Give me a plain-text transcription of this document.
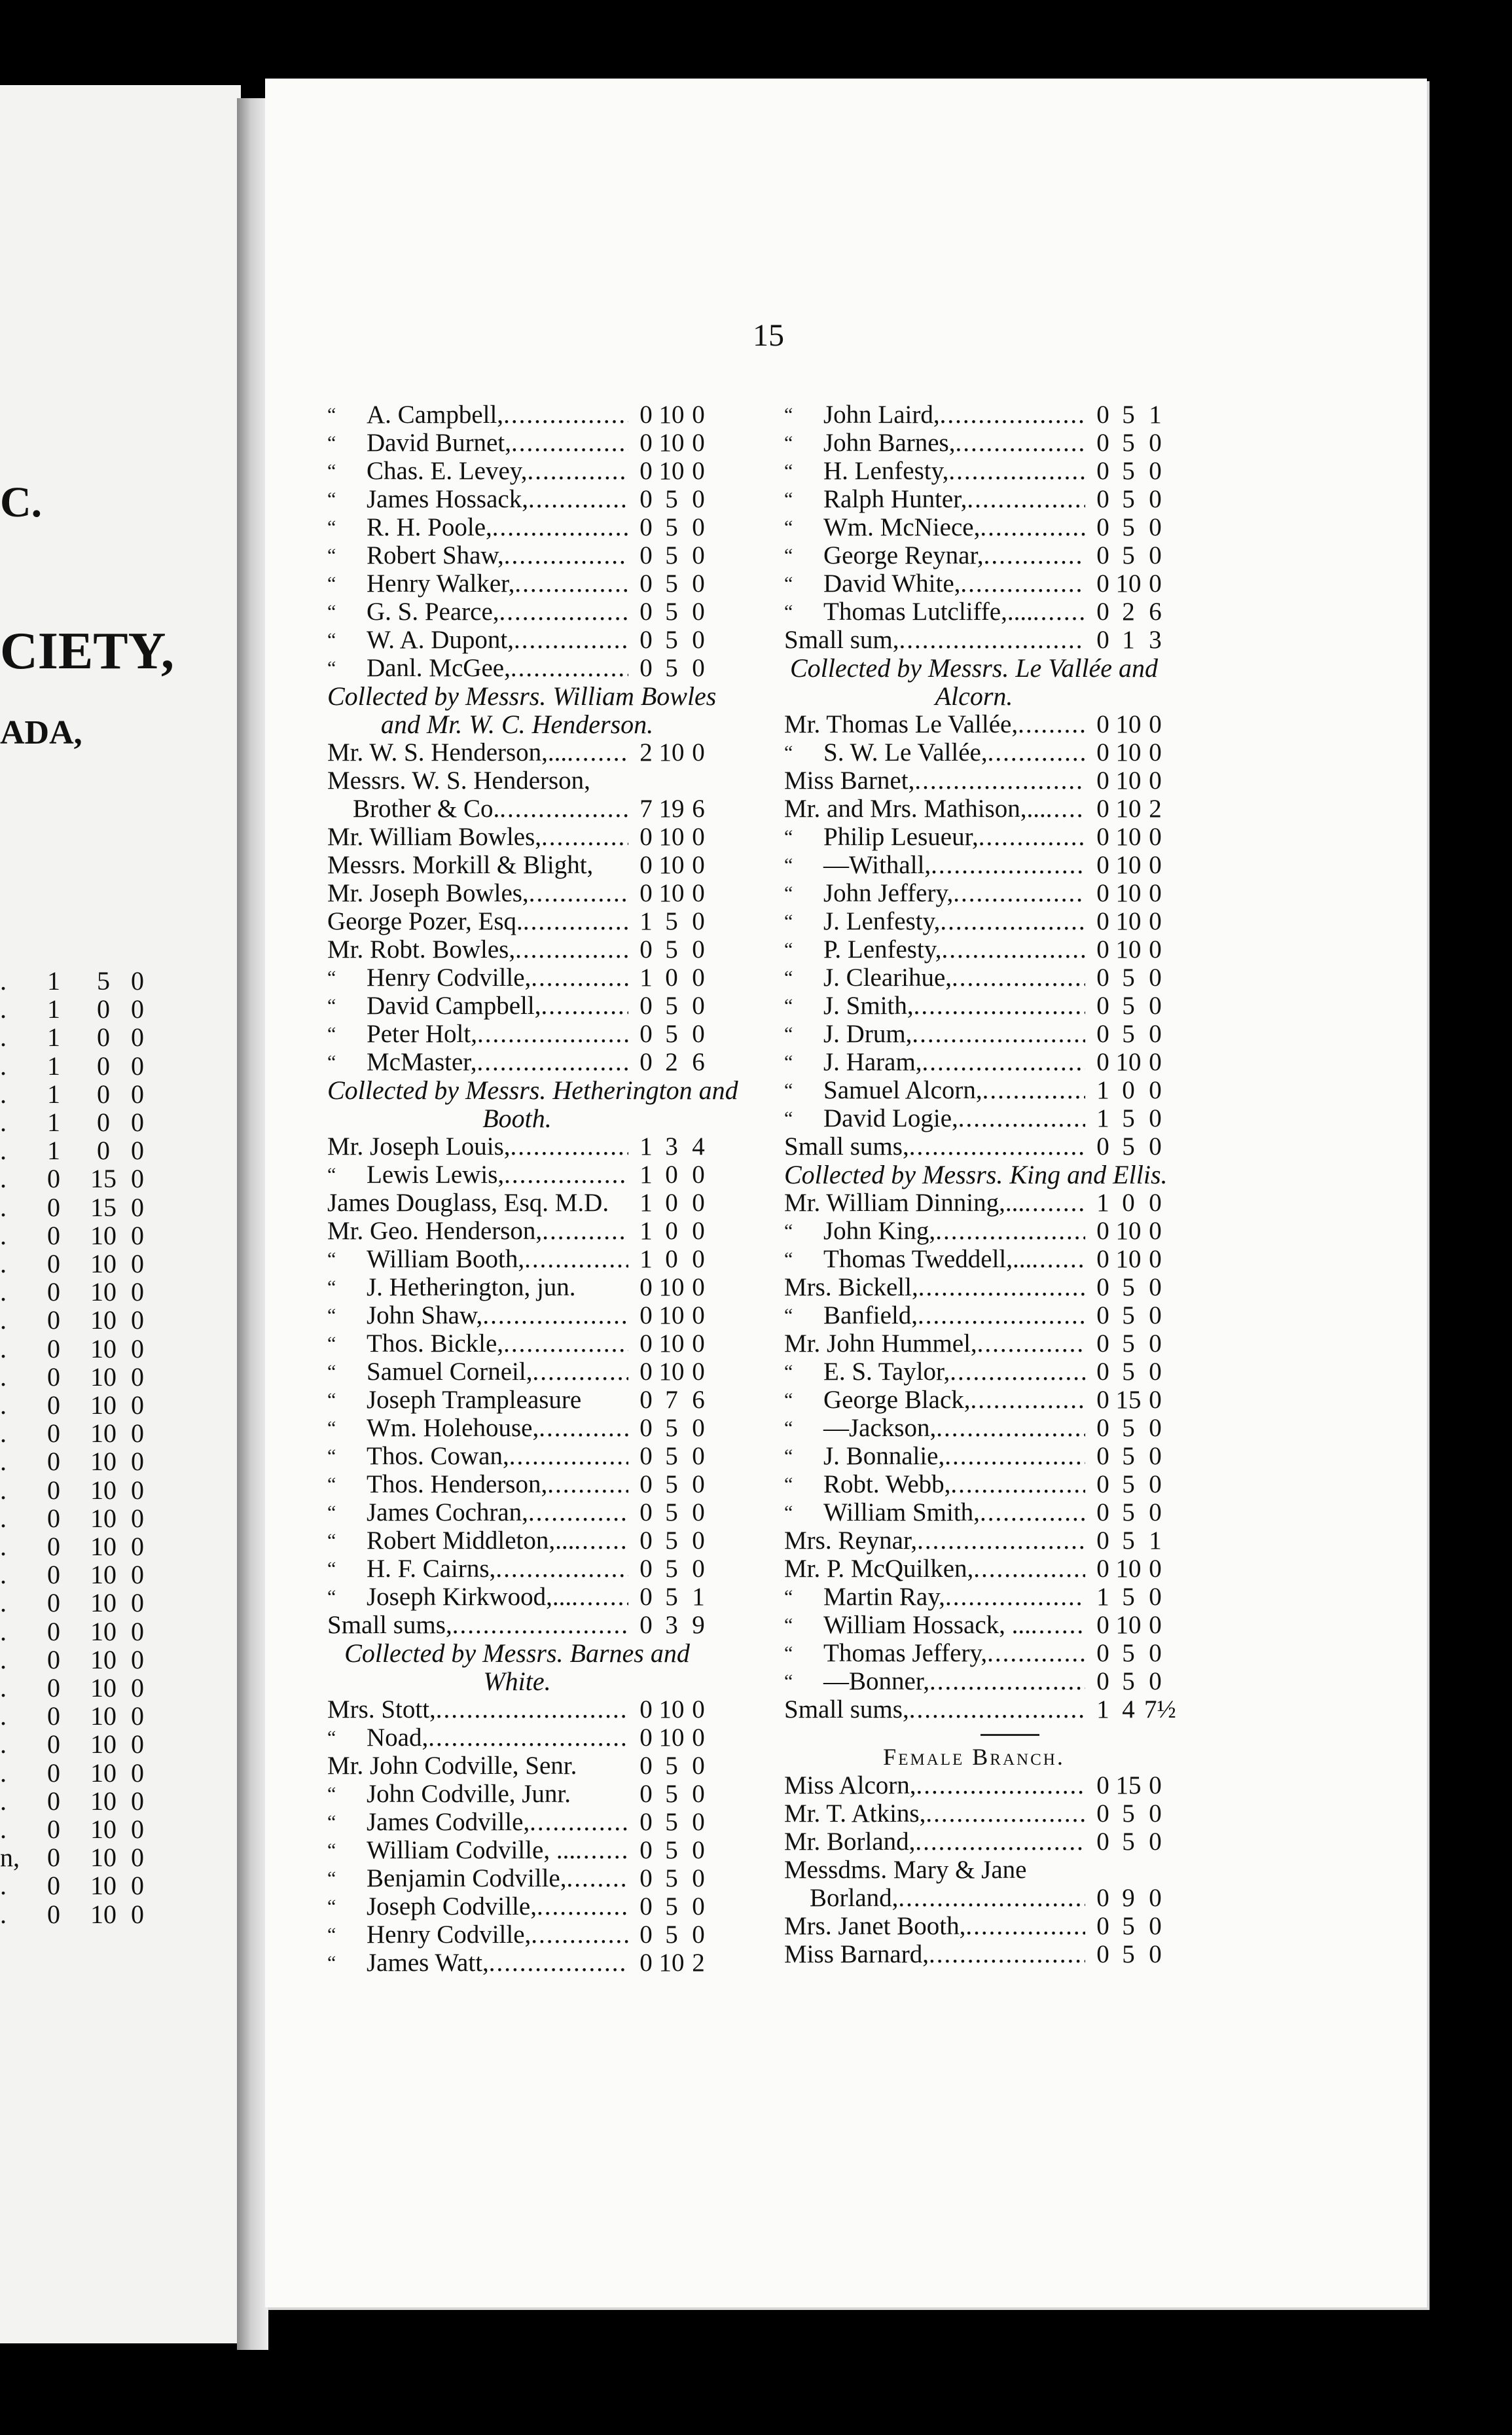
C.
CIETY,
ADA,
.	1	5 0
.	1	0 0
.	1	0 0
.	1	0 0
.	1	0 0
.	1	0 0
.	1	0 0
.	0 15 0
.	0 15 0
.	0 10 0
.	0 10 0
.	0 10 0
.	0 10 0
.	0 10 0
.	0 10 0
.	0 10 0
.	0 10 0
.	0 10 0
.	0 10 0
.	0 10 0
.	0 10 0
.	0 10 0
.	0 10 0
.	0 10 0
.	0 10 0
.	0 10 0
.	0 10 0
.	0 10 0
.	0 10 0
.	0 10 0
.	0 10 0
n, 0 10 0
.	0 10 0
.	0 10 0
15
“ A. Campbell, .....	0 10 0
“ David Burnet, .....	0 10 0
“ Chas. E. Levey, .....	0 10 0
“ James Hossack, .....	0 5 0
“ R. H. Poole, .....	0 5 0
“ Robert Shaw, .....	0 5 0
“ Henry Walker, .....	0 5 0
“ G. S. Pearce, .....	0 5 0
“ W. A. Dupont, .....	0 5 0
“ Danl. McGee, .....	0 5 0
Collected by Messrs. William Bowles
and Mr. W. C. Henderson.
Mr. W. S. Henderson,... .....	2 10 0
Messrs. W. S. Henderson,
Brother & Co. .....	7 19 6
Mr. William Bowles, .....	0 10 0
Messrs. Morkill & Blight, 0 10 0
Mr. Joseph Bowles, .....	0 10 0
George Pozer, Esq. .....	1 5 0
Mr. Robt. Bowles, .....	0 5 0
“ Henry Codville, .....	1 0 0
“ David Campbell, .....	0 5 0
“ Peter Holt, .....	0 5 0
“ McMaster, .....	0 2 6
Collected by Messrs. Hetherington and
Booth.
Mr. Joseph Louis, .....	1 3 4
“ Lewis Lewis, .....	1 0 0
James Douglass, Esq. M.D. 1 0 0
Mr. Geo. Henderson, .....	1 0 0
“ William Booth, .....	1 0 0
“ J. Hetherington, jun.	0 10 0
“ John Shaw, .....	0 10 0
“ Thos. Bickle, .....	0 10 0
“ Samuel Corneil, .....	0 10 0
“ Joseph Trampleasure 0 7 6
“ Wm. Holehouse, .....	0 5 0
“ Thos. Cowan, .....	0 5 0
“ Thos. Henderson, .....	0 5 0
“ James Cochran, .....	0 5 0
“ Robert Middleton,... .....	0 5 0
“ H. F. Cairns, .....	0 5 0
“ Joseph Kirkwood,... .....	0 5 1
Small sums, .....	0 3 9
Collected by Messrs. Barnes and
White.
Mrs. Stott, .....	0 10 0
“ Noad, .....	0 10 0
Mr. John Codville, Senr. 0 5 0
“ John Codville, Junr.	0 5 0
“ James Codville, .....	0 5 0
“ William Codville, ... .....	0 5 0
“ Benjamin Codville, .....	0 5 0
“ Joseph Codville, .....	0 5 0
“ Henry Codville, .....	0 5 0
“ James Watt, .....	0 10 2
“ John Laird, .....	0 5 1
“ John Barnes, .....	0 5 0
“ H. Lenfesty, .....	0 5 0
“ Ralph Hunter, .....	0 5 0
“ Wm. McNiece, .....	0 5 0
“ George Reynar, .....	0 5 0
“ David White, .....	0 10 0
“ Thomas Lutcliffe,.... ..... 0 2 6
Small sum, .....	0 1 3
Collected by Messrs. Le Vallée and
Alcorn.
Mr. Thomas Le Vallée, .....	0 10 0
“ S. W. Le Vallée, .....	0 10 0
Miss Barnet, .....	0 10 0
Mr. and Mrs. Mathison,... ..... 0 10 2
“ Philip Lesueur, .....	0 10 0
“ —Withall, .....	0 10 0
“ John Jeffery, .....	0 10 0
“ J. Lenfesty, .....	0 10 0
“ P. Lenfesty, .....	0 10 0
“ J. Clearihue, .....	0 5 0
“ J. Smith, .....	0 5 0
“ J. Drum, .....	0 5 0
“ J. Haram, .....	0 10 0
“ Samuel Alcorn, .....	1 0 0
“ David Logie, .....	1 5 0
Small sums, .....	0 5 0
Collected by Messrs. King and Ellis.
Mr. William Dinning,... .....	1 0 0
“ John King, .....	0 10 0
“ Thomas Tweddell,... .....	0 10 0
Mrs. Bickell, .....	0 5 0
“ Banfield, .....	0 5 0
Mr. John Hummel, .....	0 5 0
“ E. S. Taylor, .....	0 5 0
“ George Black, .....	0 15 0
“ —Jackson, .....	0 5 0
“ J. Bonnalie, .....	0 5 0
“ Robt. Webb, .....	0 5 0
“ William Smith, .....	0 5 0
Mrs. Reynar, .....	0 5 1
Mr. P. McQuilken, .....	0 10 0
“ Martin Ray, .....	1 5 0
“ William Hossack, ... .....	0 10 0
“ Thomas Jeffery, .....	0 5 0
“ —Bonner, .....	0 5 0
Small sums, .....	1 4 7½
Female Branch.
Miss Alcorn, .....	0 15 0
Mr. T. Atkins, .....	0 5 0
Mr. Borland, .....	0 5 0
Messdms. Mary & Jane
Borland, .....	0 9 0
Mrs. Janet Booth, .....	0 5 0
Miss Barnard, .....	0 5 0
